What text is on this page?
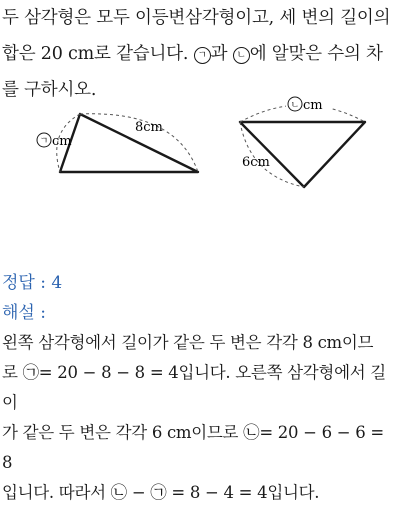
두 삼각형은 모두 이등변삼각형이고, 세 변의 길이의

합은 20 cm로 같습니다. ㄱ 과 ㄴ 에 알맞은 수의 차

를 구하시오.

ㄱ cm
8cm
ㄴ cm
6cm

정답 : 4

해설 :

왼쪽 삼각형에서 길이가 같은 두 변은 각각 8 cm이므

로 ㉠= 20 − 8 − 8 = 4입니다. 오른쪽 삼각형에서 길이

가 같은 두 변은 각각 6 cm이므로 ㉡= 20 − 6 − 6 = 8

입니다. 따라서 ㉡ − ㉠ = 8 − 4 = 4입니다.
